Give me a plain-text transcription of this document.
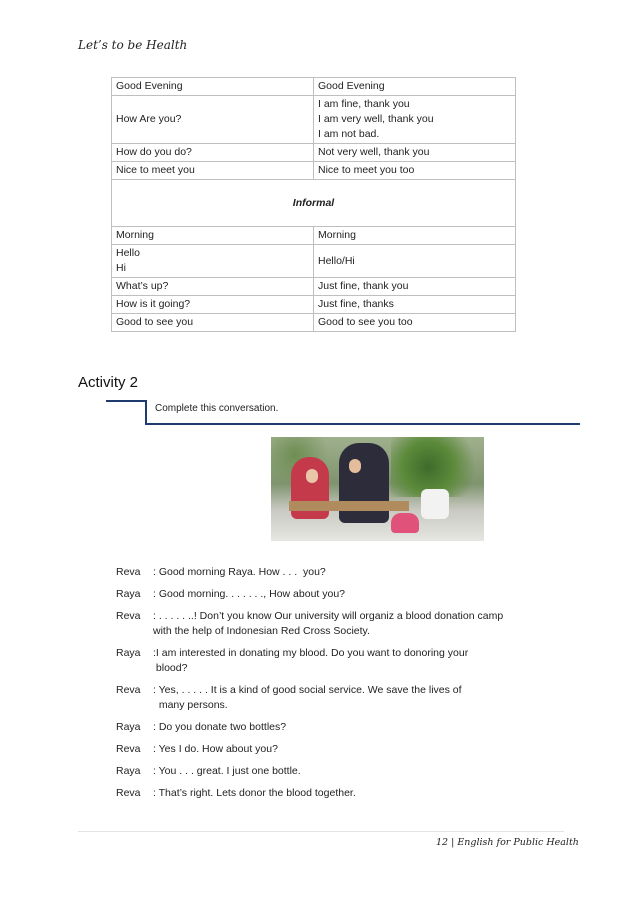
Let’s to be Health
Good Evening	Good Evening

How Are you?	I am fine, thank you
I am very well, thank you
I am not bad.

How do you do?	Not very well, thank you

Nice to meet you	Nice to meet you too

Informal	

Morning	Morning

Hello
Hi	Hello/Hi

What’s up?	Just fine, thank you

How is it going?	Just fine, thanks

Good to see you	Good to see you too
Activity 2
Complete this conversation.
Reva	: Good morning Raya. How . . .  you?
Raya	: Good morning. . . . . . ., How about you?
Reva	: . . . . . ..! Don’t you know Our university will organiz a blood donation camp
with the help of Indonesian Red Cross Society.
Raya	:I am interested in donating my blood. Do you want to donoring your
blood?
Reva	: Yes, . . . . . It is a kind of good social service. We save the lives of
many persons.
Raya	: Do you donate two bottles?
Reva	: Yes I do. How about you?
Raya	: You . . . great. I just one bottle.
Reva	: That’s right. Lets donor the blood together.
12 | English for Public Health
